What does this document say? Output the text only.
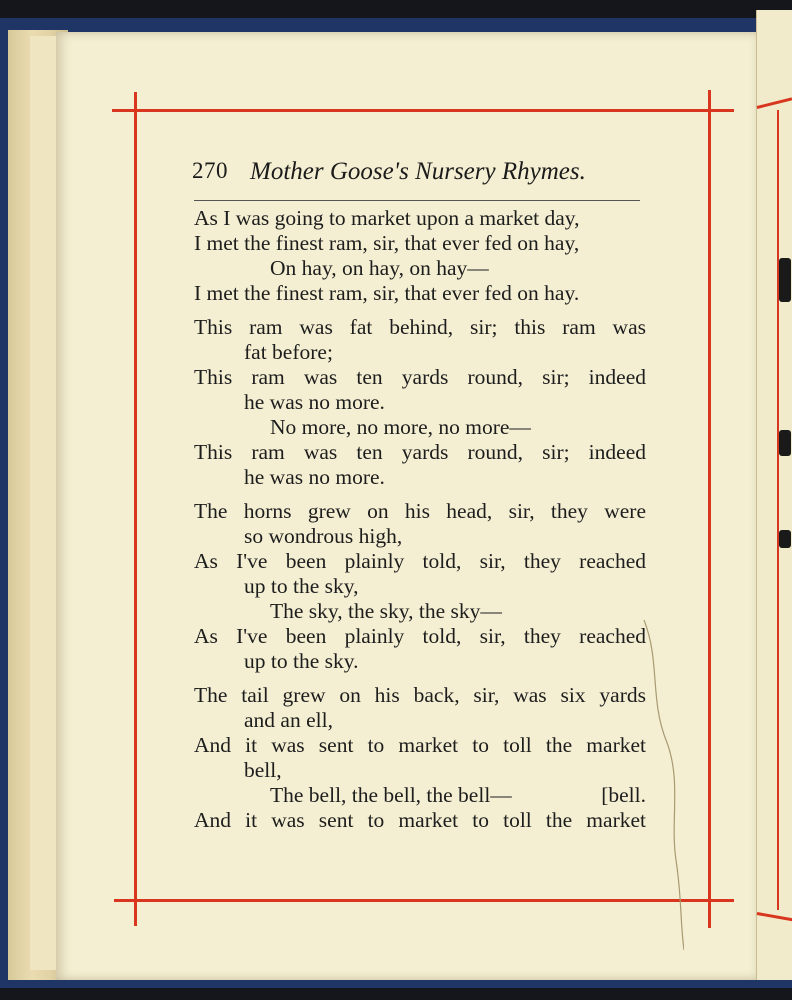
270 Mother Goose's Nursery Rhymes.
As I was going to market upon a market day,
I met the finest ram, sir, that ever fed on hay,
On hay, on hay, on hay—
I met the finest ram, sir, that ever fed on hay.
This ram was fat behind, sir; this ram was
fat before;
This ram was ten yards round, sir; indeed
he was no more.
No more, no more, no more—
This ram was ten yards round, sir; indeed
he was no more.
The horns grew on his head, sir, they were
so wondrous high,
As I've been plainly told, sir, they reached
up to the sky,
The sky, the sky, the sky—
As I've been plainly told, sir, they reached
up to the sky.
The tail grew on his back, sir, was six yards
and an ell,
And it was sent to market to toll the market
bell,
The bell, the bell, the bell—	[bell.
And it was sent to market to toll the market
